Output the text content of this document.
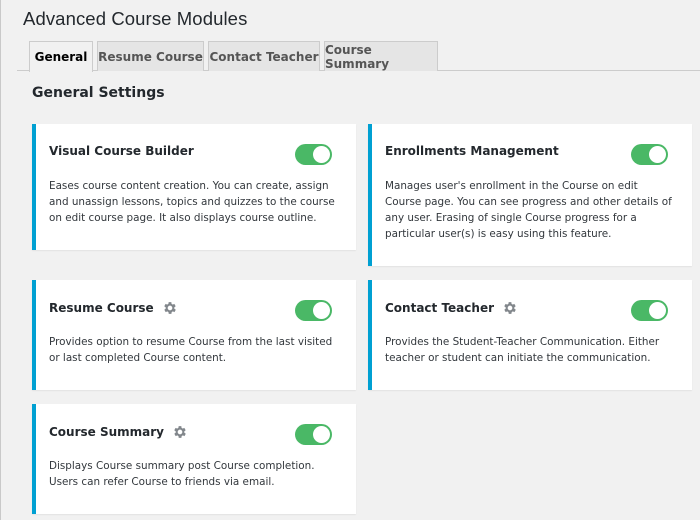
Advanced Course Modules
General Resume Course Contact Teacher Course Summary
General Settings
Visual Course Builder
Eases course content creation. You can create, assign and unassign lessons, topics and quizzes to the course on edit course page. It also displays course outline.
Enrollments Management
Manages user's enrollment in the Course on edit Course page. You can see progress and other details of any user. Erasing of single Course progress for a particular user(s) is easy using this feature.
Resume Course
Provides option to resume Course from the last visited or last completed Course content.
Contact Teacher
Provides the Student-Teacher Communication. Either teacher or student can initiate the communication.
Course Summary
Displays Course summary post Course completion. Users can refer Course to friends via email.
